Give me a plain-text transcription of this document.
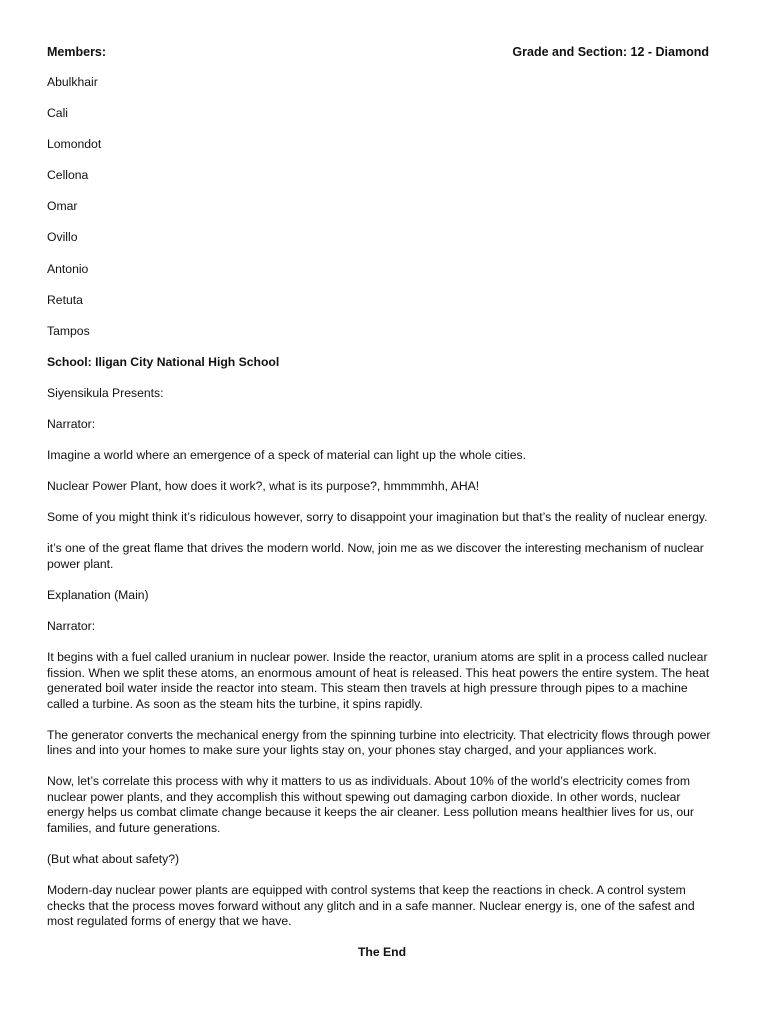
Members:	Grade and Section: 12 - Diamond

Abulkhair

Cali

Lomondot

Cellona

Omar

Ovillo

Antonio

Retuta

Tampos

School: Iligan City National High School

Siyensikula Presents:

Narrator:

Imagine a world where an emergence of a speck of material can light up the whole cities.

Nuclear Power Plant, how does it work?, what is its purpose?, hmmmmhh, AHA!

Some of you might think it’s ridiculous however, sorry to disappoint your imagination but that’s the reality of nuclear energy.

it’s one of the great flame that drives the modern world. Now, join me as we discover the interesting mechanism of nuclear power plant.

Explanation (Main)

Narrator:

It begins with a fuel called uranium in nuclear power. Inside the reactor, uranium atoms are split in a process called nuclear fission. When we split these atoms, an enormous amount of heat is released. This heat powers the entire system. The heat generated boil water inside the reactor into steam. This steam then travels at high pressure through pipes to a machine called a turbine. As soon as the steam hits the turbine, it spins rapidly.

The generator converts the mechanical energy from the spinning turbine into electricity. That electricity flows through power lines and into your homes to make sure your lights stay on, your phones stay charged, and your appliances work.

Now, let’s correlate this process with why it matters to us as individuals. About 10% of the world’s electricity comes from nuclear power plants, and they accomplish this without spewing out damaging carbon dioxide. In other words, nuclear energy helps us combat climate change because it keeps the air cleaner. Less pollution means healthier lives for us, our families, and future generations.

(But what about safety?)

Modern-day nuclear power plants are equipped with control systems that keep the reactions in check. A control system checks that the process moves forward without any glitch and in a safe manner. Nuclear energy is, one of the safest and most regulated forms of energy that we have.

The End
